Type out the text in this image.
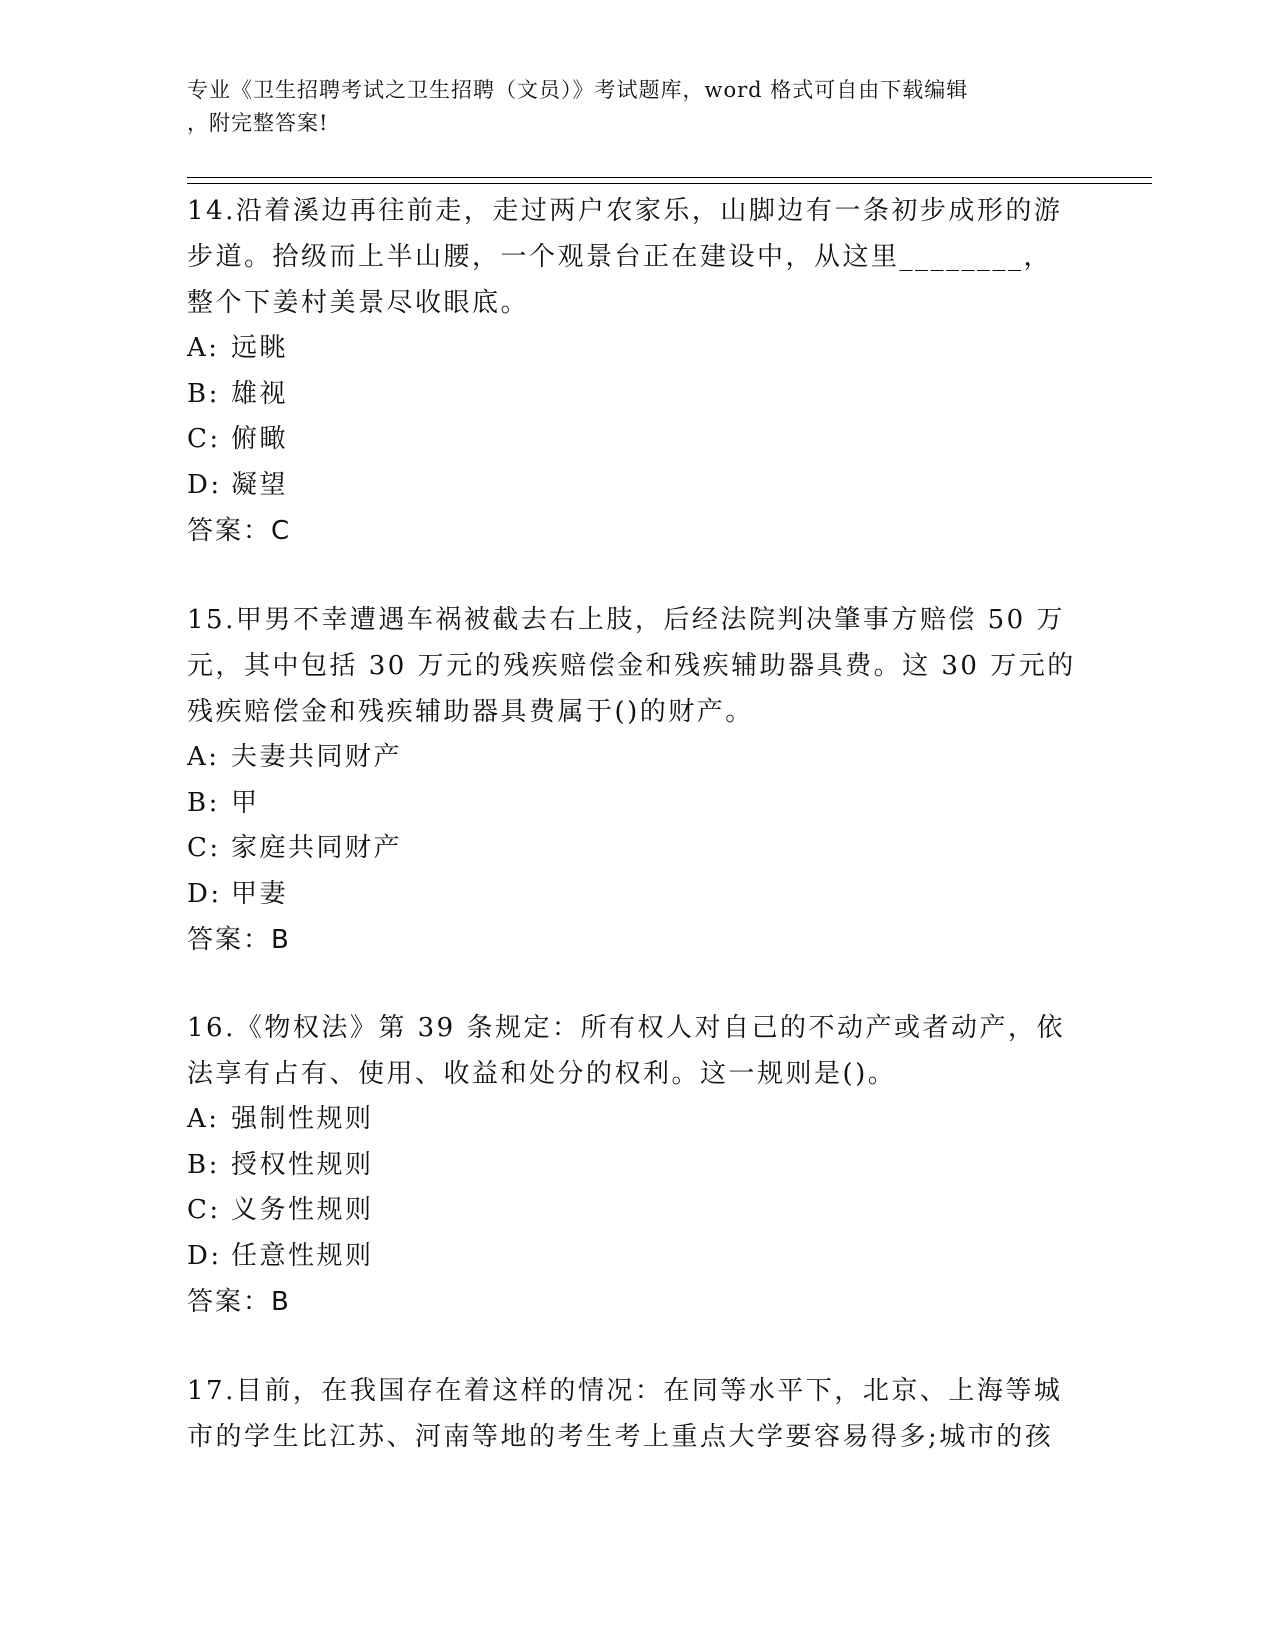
专业《卫生招聘考试之卫生招聘（文员）》考试题库，word 格式可自由下载编辑
，附完整答案!
14.沿着溪边再往前走，走过两户农家乐，山脚边有一条初步成形的游
步道。拾级而上半山腰，一个观景台正在建设中，从这里________，
整个下姜村美景尽收眼底。
A: 远眺
B: 雄视
C: 俯瞰
D: 凝望
答案：C
15.甲男不幸遭遇车祸被截去右上肢，后经法院判决肇事方赔偿 50 万
元，其中包括 30 万元的残疾赔偿金和残疾辅助器具费。这 30 万元的
残疾赔偿金和残疾辅助器具费属于()的财产。
A: 夫妻共同财产
B: 甲
C: 家庭共同财产
D: 甲妻
答案：B
16.《物权法》第 39 条规定：所有权人对自己的不动产或者动产，依
法享有占有、使用、收益和处分的权利。这一规则是()。
A: 强制性规则
B: 授权性规则
C: 义务性规则
D: 任意性规则
答案：B
17.目前，在我国存在着这样的情况：在同等水平下，北京、上海等城
市的学生比江苏、河南等地的考生考上重点大学要容易得多;城市的孩
